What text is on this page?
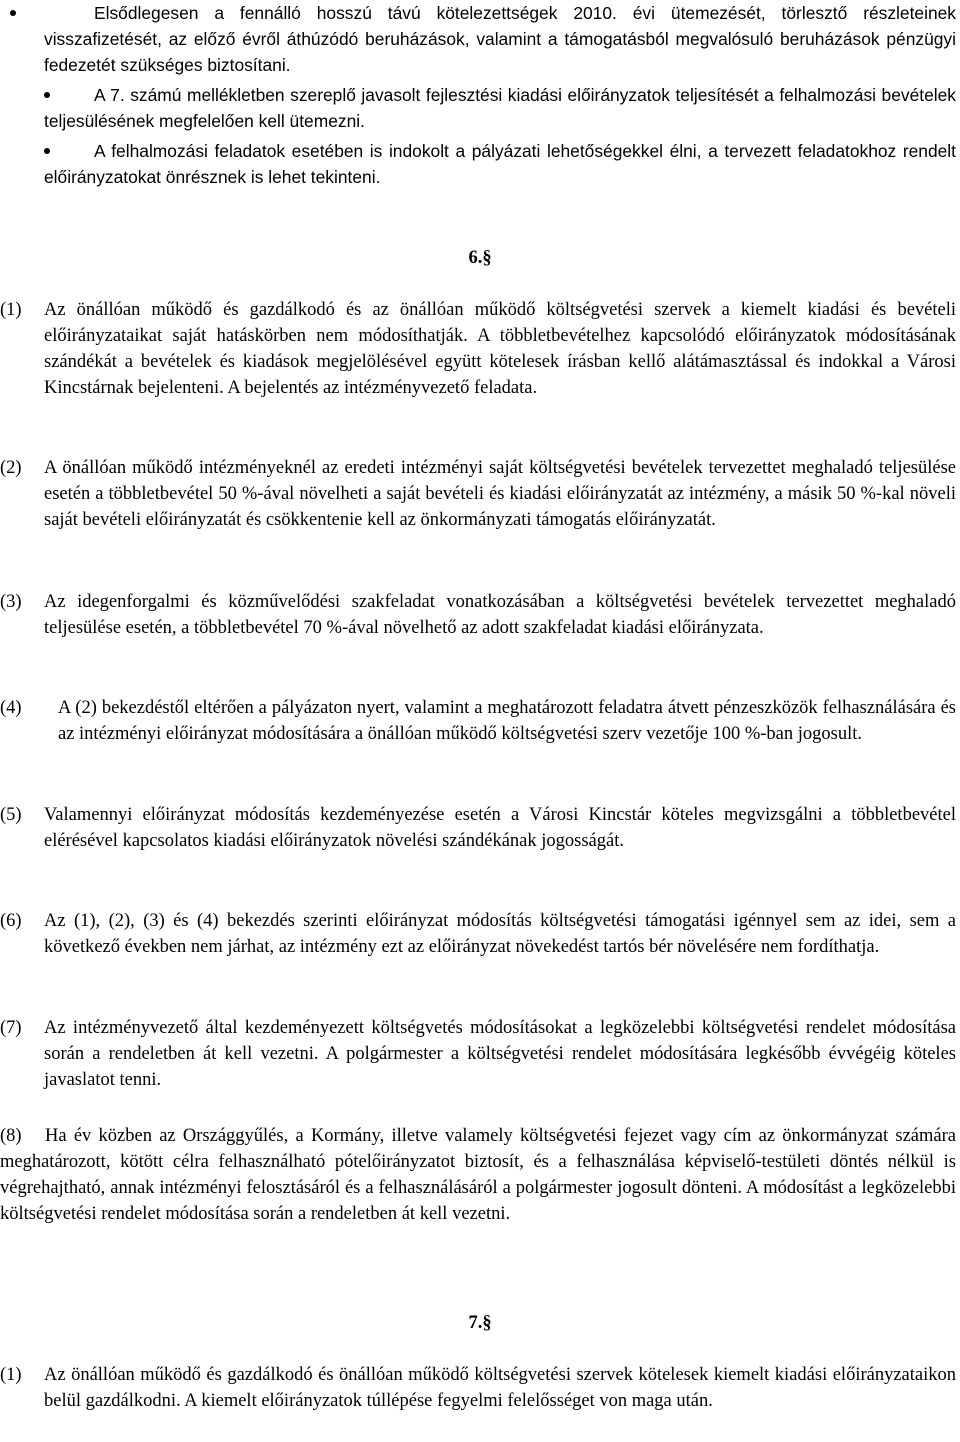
Elsődlegesen a fennálló hosszú távú kötelezettségek 2010. évi ütemezését, törlesztő részleteinek visszafizetését, az előző évről áthúzódó beruházások, valamint a támogatásból megvalósuló beruházások pénzügyi fedezetét szükséges biztosítani.
A 7. számú mellékletben szereplő javasolt fejlesztési kiadási előirányzatok teljesítését a felhalmozási bevételek teljesülésének megfelelően kell ütemezni.
A felhalmozási feladatok esetében is indokolt a pályázati lehetőségekkel élni, a tervezett feladatokhoz rendelt előirányzatokat önrésznek is lehet tekinteni.
6.§
(1) Az önállóan működő és gazdálkodó és az önállóan működő költségvetési szervek a kiemelt kiadási és bevételi előirányzataikat saját hatáskörben nem módosíthatják. A többletbevételhez kapcsolódó előirányzatok módosításának szándékát a bevételek és kiadások megjelölésével együtt kötelesek írásban kellő alátámasztással és indokkal a Városi Kincstárnak bejelenteni. A bejelentés az intézményvezető feladata.
(2) A önállóan működő intézményeknél az eredeti intézményi saját költségvetési bevételek tervezettet meghaladó teljesülése esetén a többletbevétel 50 %-ával növelheti a saját bevételi és kiadási előirányzatát az intézmény, a másik 50 %-kal növeli saját bevételi előirányzatát és csökkentenie kell az önkormányzati támogatás előirányzatát.
(3) Az idegenforgalmi és közművelődési szakfeladat vonatkozásában a költségvetési bevételek tervezettet meghaladó teljesülése esetén, a többletbevétel 70 %-ával növelhető az adott szakfeladat kiadási előirányzata.
(4) A (2) bekezdéstől eltérően a pályázaton nyert, valamint a meghatározott feladatra átvett pénzeszközök felhasználására és az intézményi előirányzat módosítására a önállóan működő költségvetési szerv vezetője 100 %-ban jogosult.
(5) Valamennyi előirányzat módosítás kezdeményezése esetén a Városi Kincstár köteles megvizsgálni a többletbevétel elérésével kapcsolatos kiadási előirányzatok növelési szándékának jogosságát.
(6) Az (1), (2), (3) és (4) bekezdés szerinti előirányzat módosítás költségvetési támogatási igénnyel sem az idei, sem a következő években nem járhat, az intézmény ezt az előirányzat növekedést tartós bér növelésére nem fordíthatja.
(7) Az intézményvezető által kezdeményezett költségvetés módosításokat a legközelebbi költségvetési rendelet módosítása során a rendeletben át kell vezetni. A polgármester a költségvetési rendelet módosítására legkésőbb évvégéig köteles javaslatot tenni.
(8)	Ha év közben az Országgyűlés, a Kormány, illetve valamely költségvetési fejezet vagy cím az önkormányzat számára meghatározott, kötött célra felhasználható pótelőirányzatot biztosít, és a felhasználása képviselő-testületi döntés nélkül is végrehajtható, annak intézményi felosztásáról és a felhasználásáról a polgármester jogosult dönteni. A módosítást a legközelebbi költségvetési rendelet módosítása során a rendeletben át kell vezetni.
7.§
(1) Az önállóan működő és gazdálkodó és önállóan működő költségvetési szervek kötelesek kiemelt kiadási előirányzataikon belül gazdálkodni. A kiemelt előirányzatok túllépése fegyelmi felelősséget von maga után.
